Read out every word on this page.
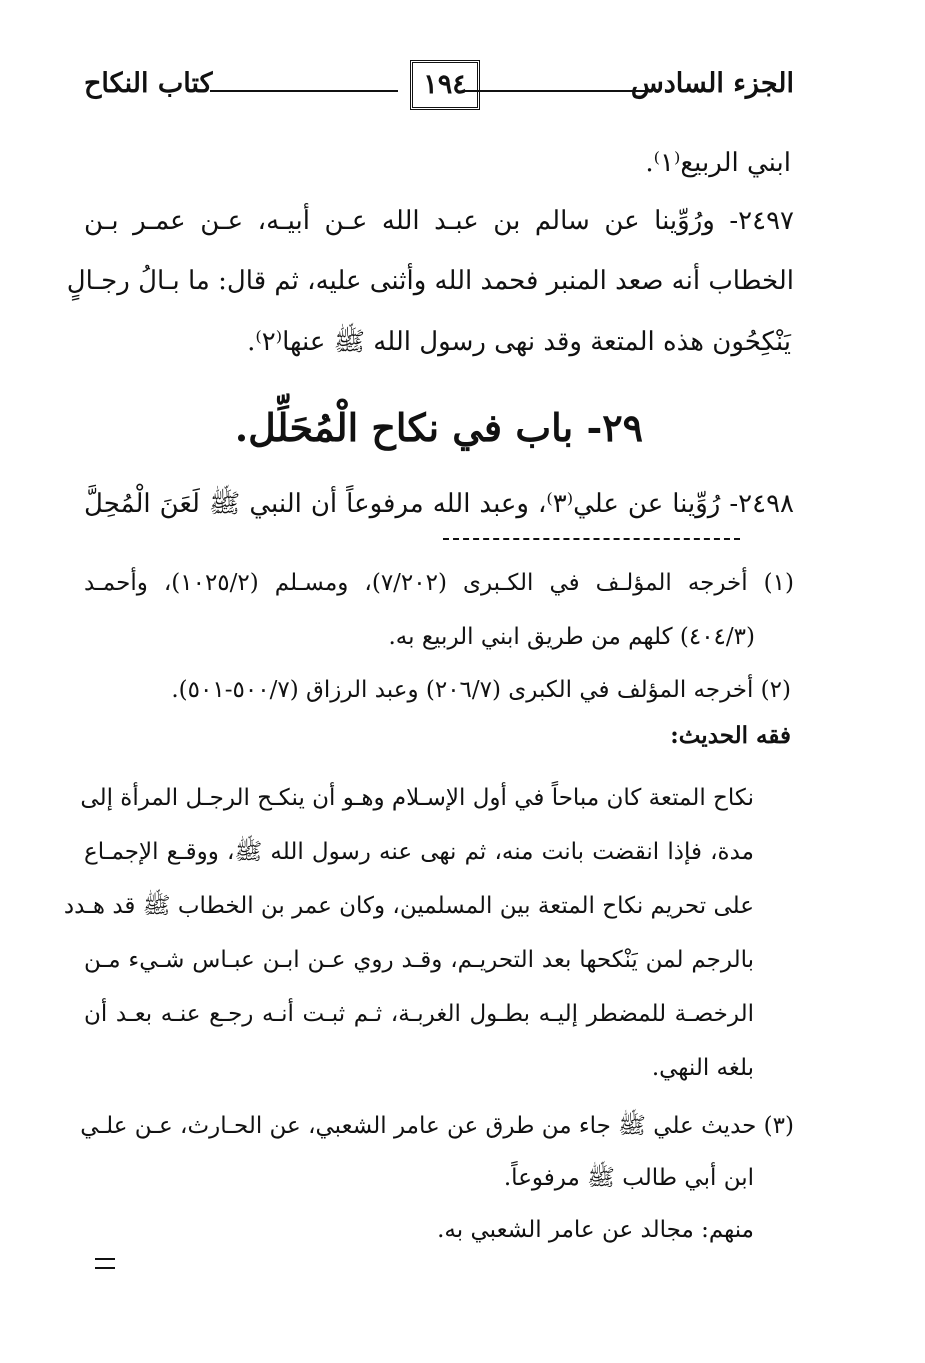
الجزء السادس
١٩٤
كتاب النكاح
ابني الربيع⁽١⁾.
٢٤٩٧- ورُوِّينا عن سالم بن عبـد الله عـن أبيـه، عـن عمـر بـن
الخطاب أنه صعد المنبر فحمد الله وأثنى عليه، ثم قال: ما بـالُ رجـالٍ
يَنْكِحُون هذه المتعة وقد نهى رسول الله ﷺ عنها⁽٢⁾.
٢٩- باب في نكاح الْمُحَلِّل.
٢٤٩٨- رُوِّينا عن علي⁽٣⁾، وعبد الله مرفوعاً أن النبي ﷺ لَعَنَ الْمُحِلَّ
(١) أخرجه المؤلـف في الكـبرى (٧/٢٠٢)، ومسـلم (١٠٢٥/٢)، وأحمـد
(٤٠٤/٣) كلهم من طريق ابني الربيع به.
(٢) أخرجه المؤلف في الكبرى (٢٠٦/٧) وعبد الرزاق (٥٠٠/٧-٥٠١).
فقه الحديث:
نكاح المتعة كان مباحاً في أول الإسـلام وهـو أن ينكـح الرجـل المرأة إلى
مدة، فإذا انقضت بانت منه، ثم نهى عنه رسول الله ﷺ، ووقـع الإجمـاع
على تحريم نكاح المتعة بين المسلمين، وكان عمر بن الخطاب ﷺ قد هـدد
بالرجم لمن يَنْكحها بعد التحريـم، وقـد روي عـن ابـن عبـاس شـيء مـن
الرخصـة للمضطر إليـه بطـول الغربـة، ثـم ثبـت أنـه رجـع عنـه بعـد أن
بلغه النهي.
(٣) حديث علي ﷺ جاء من طرق عن عامر الشعبي، عن الحـارث، عـن علـي
ابن أبي طالب ﷺ مرفوعاً.
منهم: مجالد عن عامر الشعبي به.
